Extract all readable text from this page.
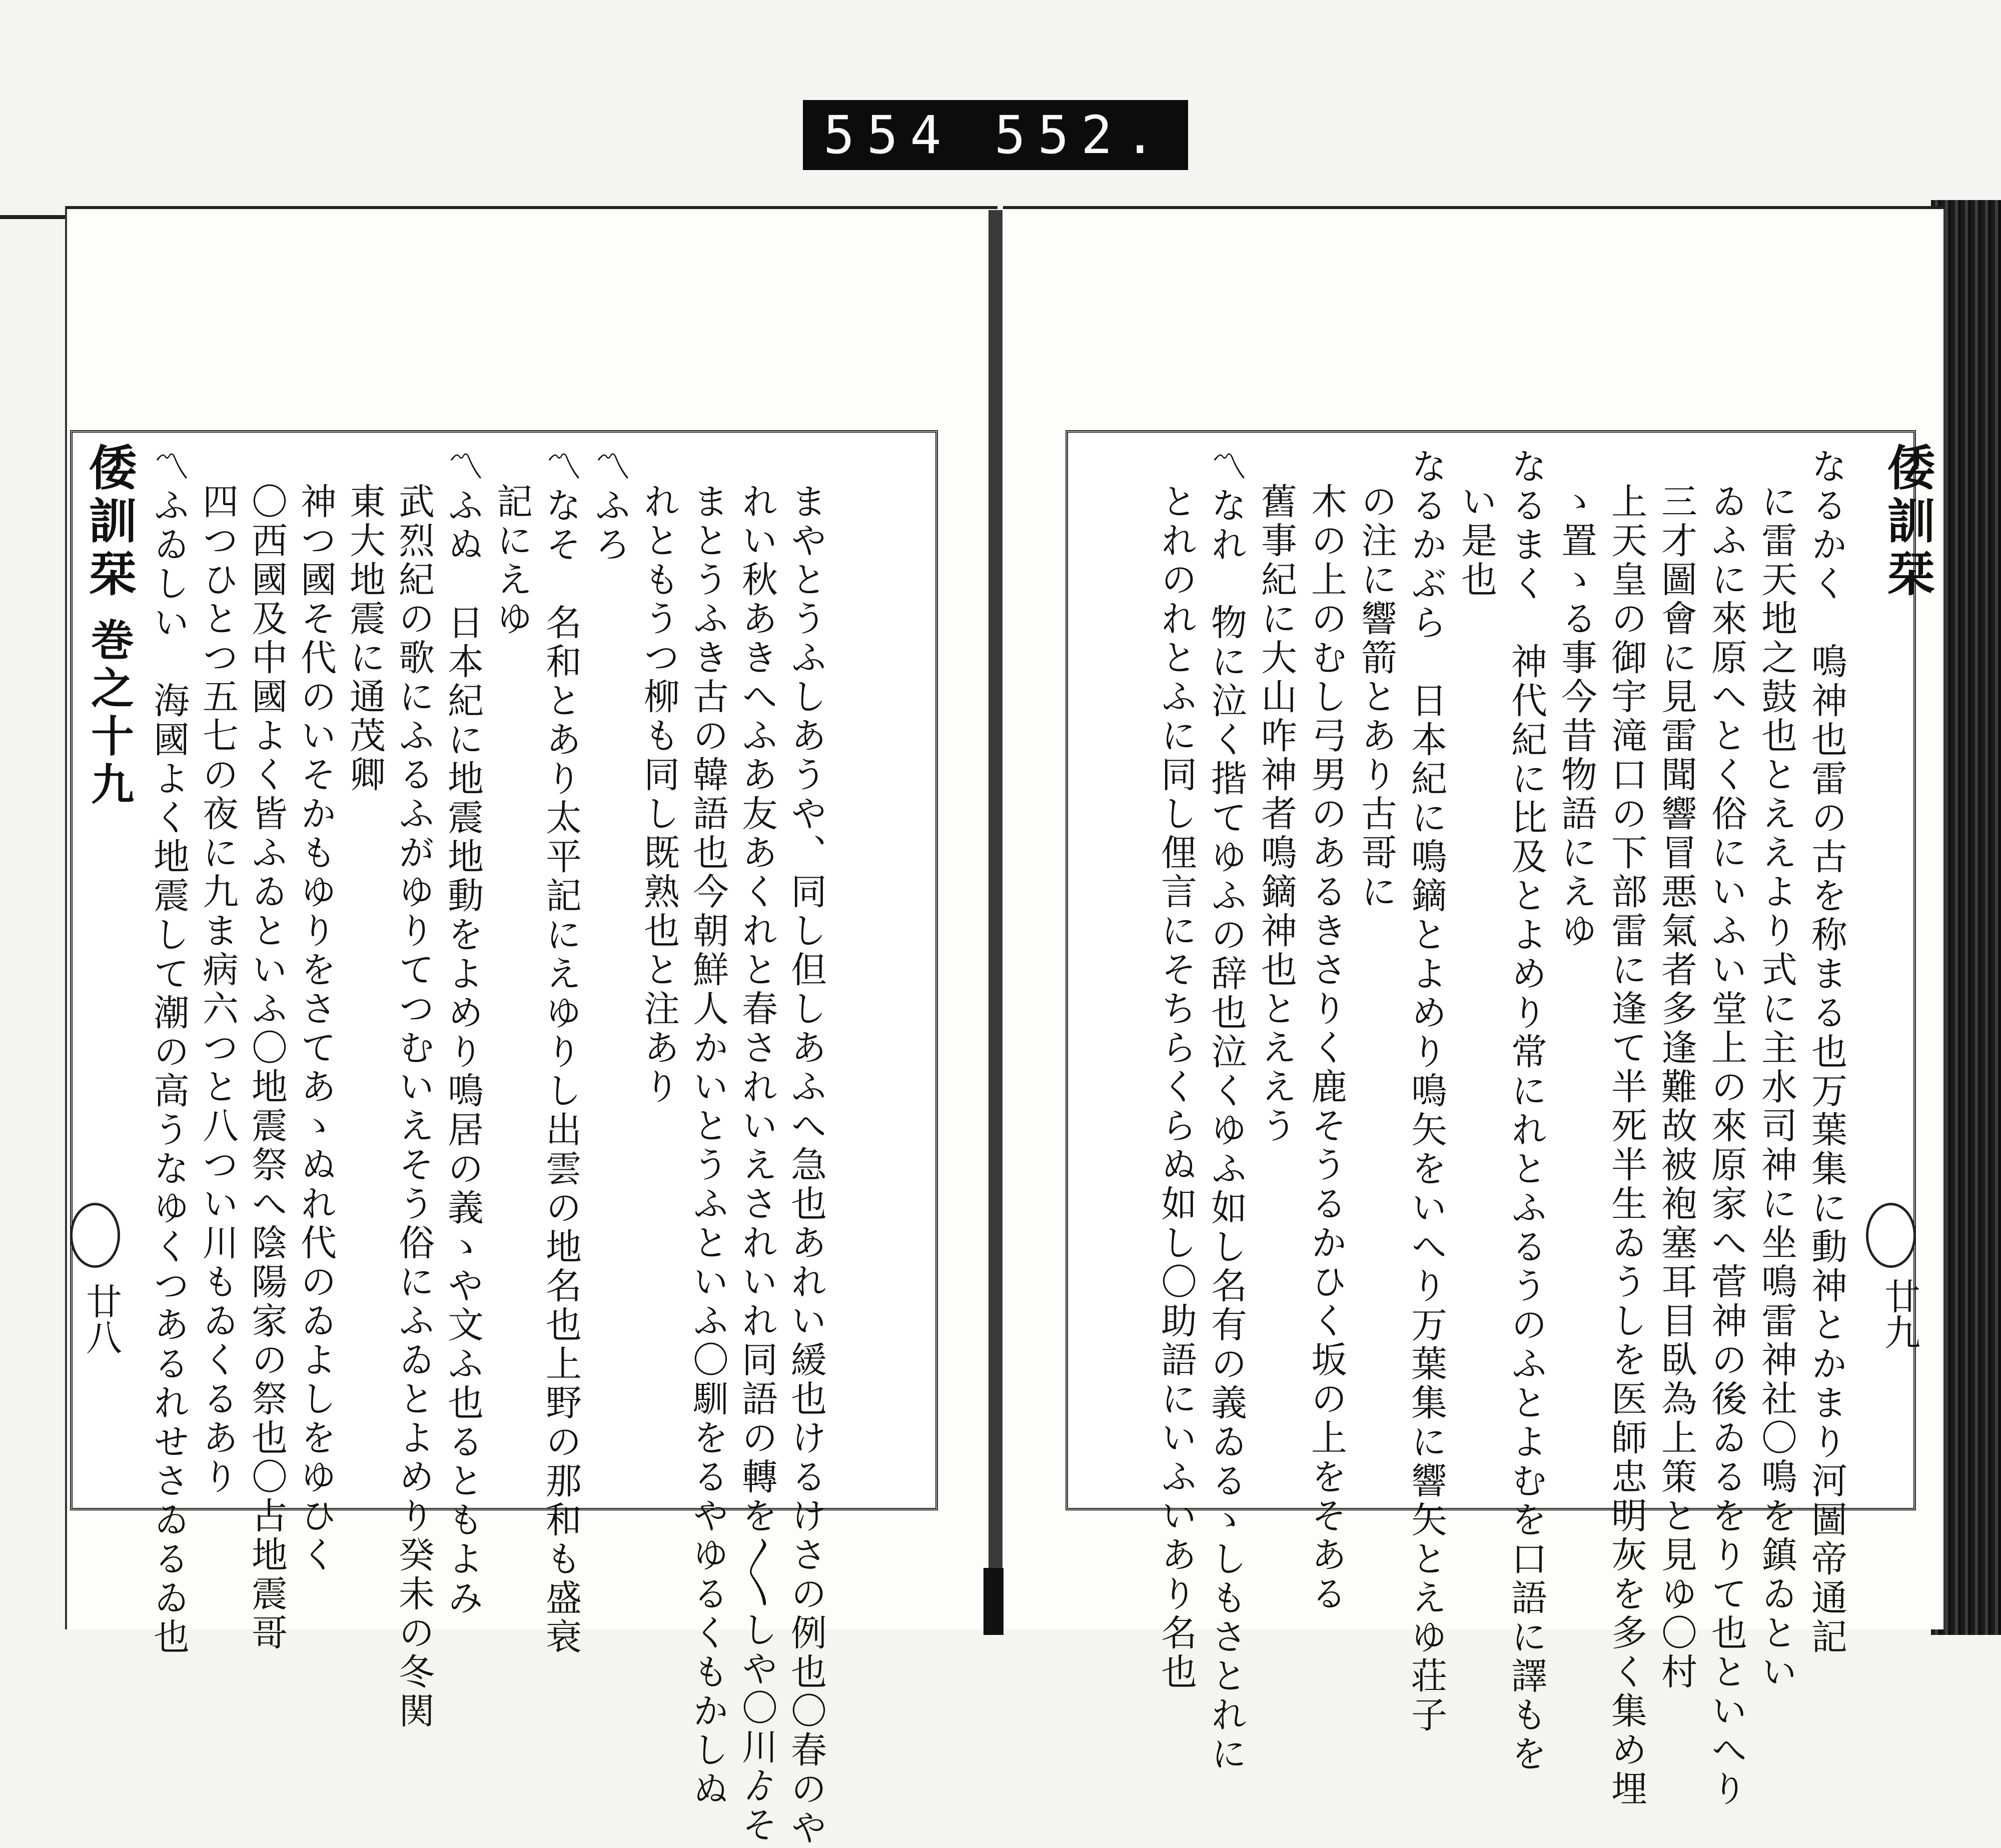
554 552.
倭訓栞
巻之十九
廿八	まやとうふしあうや、同し但しあふへ急也あれい緩也けるけさの例也〇春のや
れい秋あきへふあ友あくれと春されいえされいれ同語の轉を〳〵しや〇川ゟそ
まとうふき古の韓語也今朝鮮人かいとうふといふ〇馴をるやゆるくもかしぬ
れともうつ柳も同し既熟也と注あり
〽ふろ
〽なそ　名和とあり太平記にえゆりし出雲の地名也上野の那和も盛衰
記にえゆ
〽ふぬ　日本紀に地震地動をよめり鳴居の義ゝや文ふ也るともよみ
武烈紀の歌にふるふがゆりてつむいえそう俗にふゐとよめり癸未の冬関
東大地震に通茂卿
神つ國そ代のいそかもゆりをさてあゝぬれ代のゐよしをゆひく
〇西國及中國よく皆ふゐといふ〇地震祭へ陰陽家の祭也〇占地震哥
四つひとつ五七の夜に九ま病六つと八つい川もゐくるあり
〽ふゐしい　海國よく地震して潮の高うなゆくつあるれせさゐるゐ也	倭訓栞
廿九
なるかく　鳴神也雷の古を称まる也万葉集に動神とかまり河圖帝通記
に雷天地之鼓也とええより式に主水司神に坐鳴雷神社〇鳴を鎮ゐとい
ゐふに來原へとく俗にいふい堂上の來原家へ菅神の後ゐるをりて也といへり
三才圖會に見雷聞響冒悪氣者多逢難故被袍塞耳目臥為上策と見ゆ〇村
上天皇の御宇滝口の下部雷に逢て半死半生ゐうしを医師忠明灰を多く集め埋
ゝ置ゝる事今昔物語にえゆ
なるまく　神代紀に比及とよめり常にれとふるうのふとよむを口語に譯もを
い是也
なるかぶら　日本紀に鳴鏑とよめり鳴矢をいへり万葉集に響矢とえゆ荘子
の注に響箭とあり古哥に
木の上のむし弓男のあるきさりく鹿そうるかひく坂の上をそある
舊事紀に大山咋神者鳴鏑神也とええう
〽なれ　物に泣く揩てゆふの辞也泣くゆふ如し名有の義ゐるゝしもさとれに
とれのれとふに同し俚言にそちらくらぬ如し〇助語にいふいあり名也
